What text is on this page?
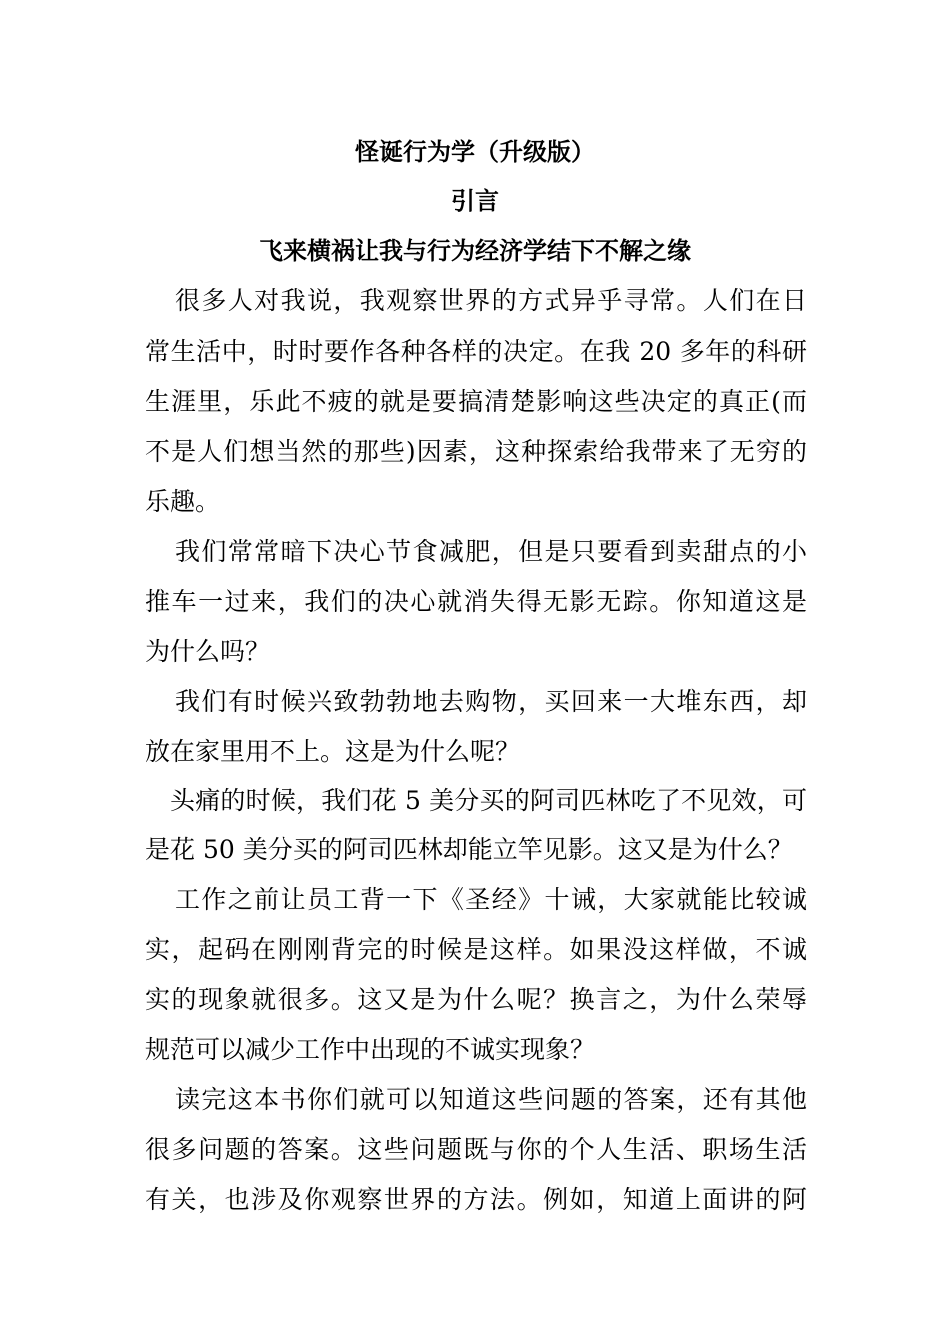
怪诞行为学（升级版）
引言
飞来横祸让我与行为经济学结下不解之缘
很多人对我说，我观察世界的方式异乎寻常。人们在日
常生活中，时时要作各种各样的决定。在我 20 多年的科研
生涯里，乐此不疲的就是要搞清楚影响这些决定的真正(而
不是人们想当然的那些)因素，这种探索给我带来了无穷的
乐趣。
我们常常暗下决心节食减肥，但是只要看到卖甜点的小
推车一过来，我们的决心就消失得无影无踪。你知道这是
为什么吗？
我们有时候兴致勃勃地去购物，买回来一大堆东西，却
放在家里用不上。这是为什么呢？
头痛的时候，我们花 5 美分买的阿司匹林吃了不见效，可
是花 50 美分买的阿司匹林却能立竿见影。这又是为什么？
工作之前让员工背一下《圣经》十诫，大家就能比较诚
实，起码在刚刚背完的时候是这样。如果没这样做，不诚
实的现象就很多。这又是为什么呢？换言之，为什么荣辱
规范可以减少工作中出现的不诚实现象？
读完这本书你们就可以知道这些问题的答案，还有其他
很多问题的答案。这些问题既与你的个人生活、职场生活
有关，也涉及你观察世界的方法。例如，知道上面讲的阿
